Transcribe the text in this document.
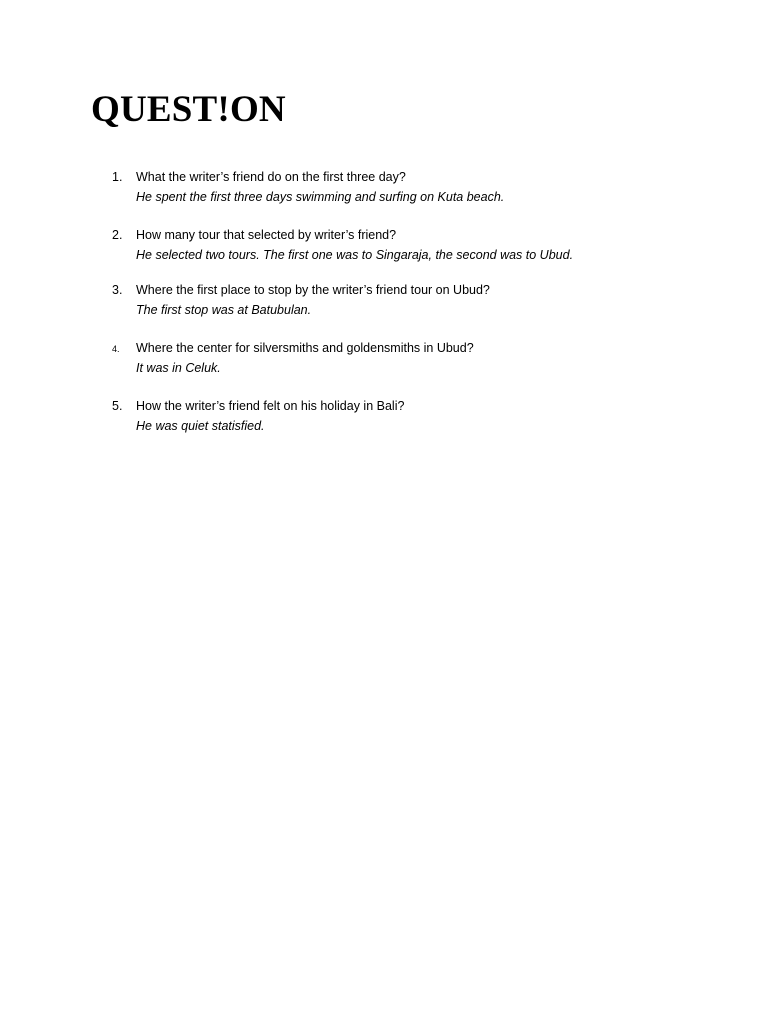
QUEST!ON
1.	What the writer’s friend do on the first three day?

He spent the first three days swimming and surfing on Kuta beach.

2.	How many tour that selected by writer’s friend?

He selected two tours. The first one was to Singaraja, the second was to Ubud.

3.	Where the first place to stop by the writer’s friend tour on Ubud?

The first stop was at Batubulan.

4.	Where the center for silversmiths and goldensmiths in Ubud?

It was in Celuk.

5.	How the writer’s friend felt on his holiday in Bali?

He was quiet statisfied.
